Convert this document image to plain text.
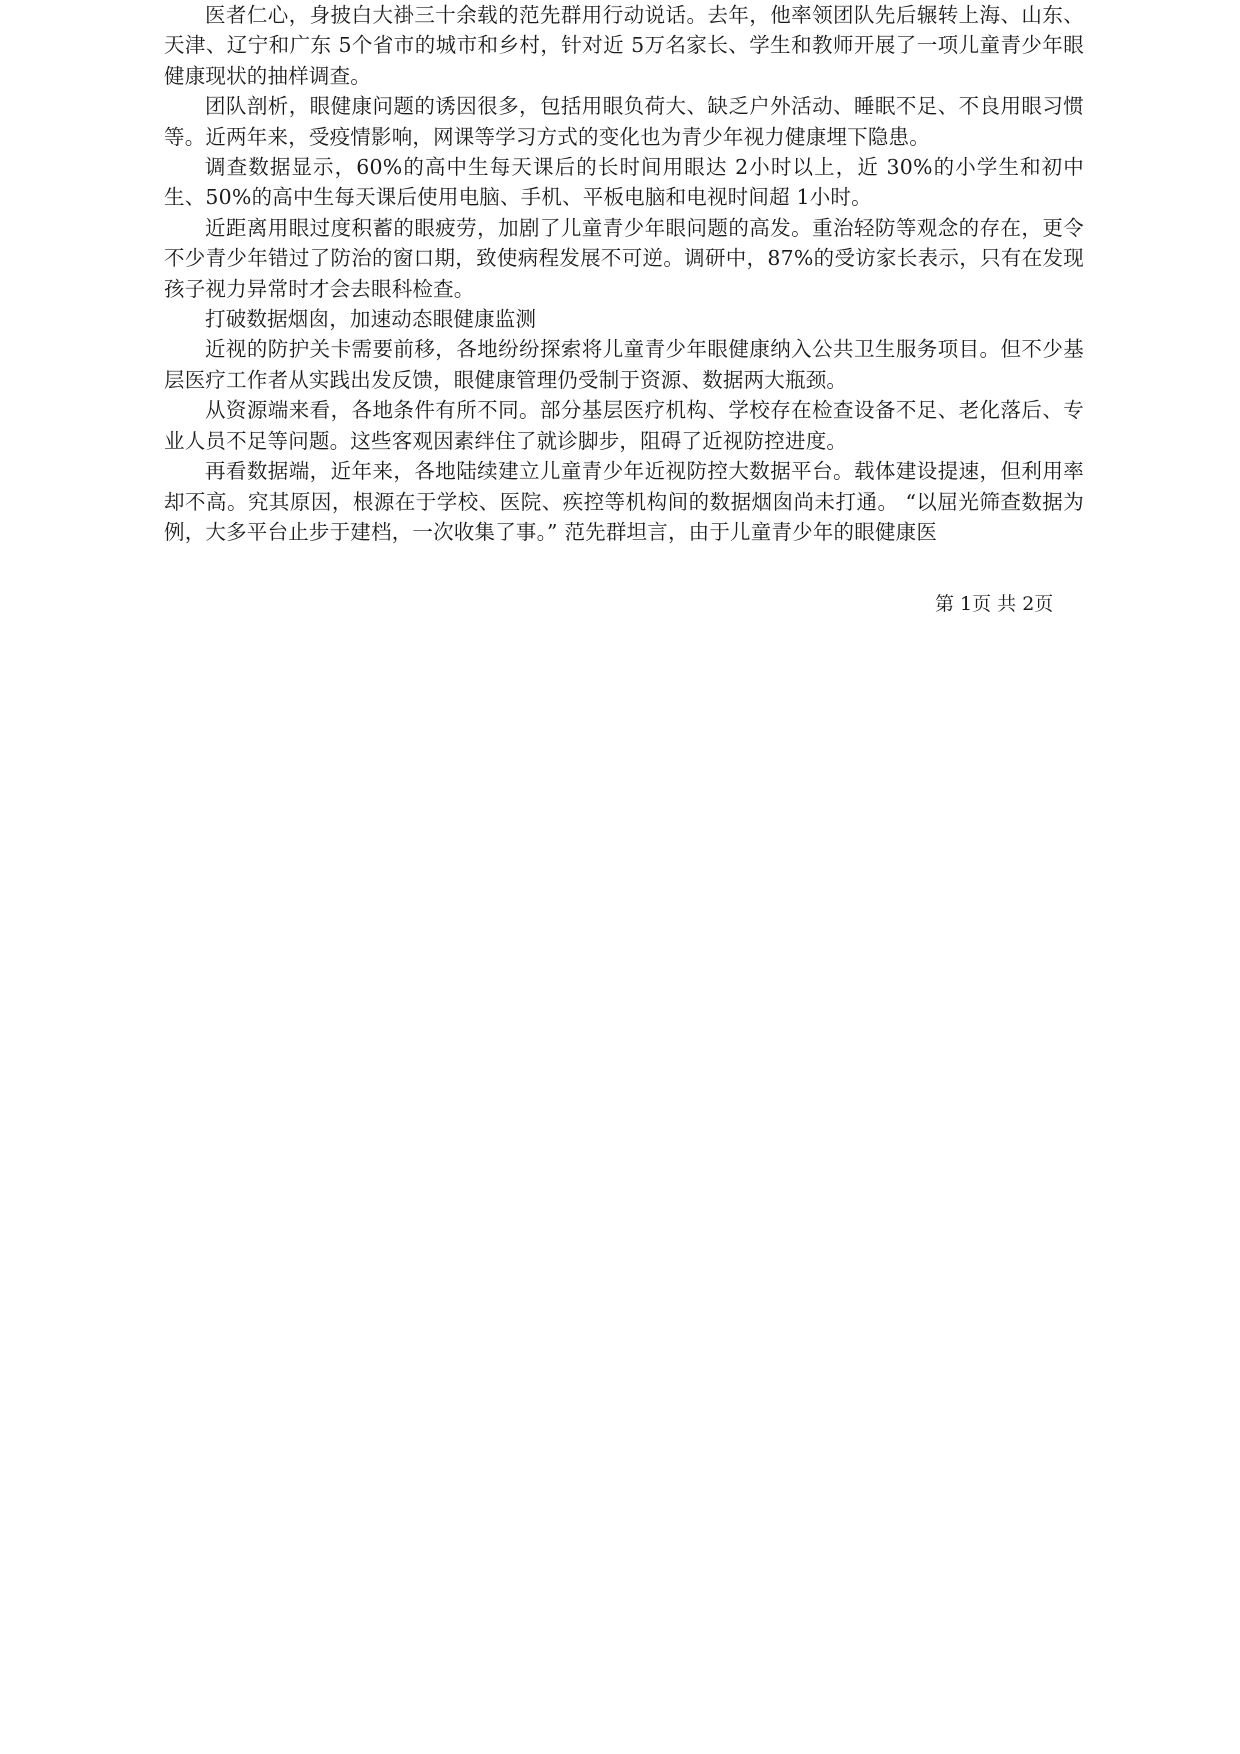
医者仁心，身披白大褂三十余载的范先群用行动说话。去年，他率领团队先后辗转上海、山东、天津、辽宁和广东 5个省市的城市和乡村，针对近 5万名家长、学生和教师开展了一项儿童青少年眼健康现状的抽样调查。

团队剖析，眼健康问题的诱因很多，包括用眼负荷大、缺乏户外活动、睡眠不足、不良用眼习惯等。近两年来，受疫情影响，网课等学习方式的变化也为青少年视力健康埋下隐患。

调查数据显示，60%的高中生每天课后的长时间用眼达 2小时以上，近 30%的小学生和初中生、50%的高中生每天课后使用电脑、手机、平板电脑和电视时间超 1小时。

近距离用眼过度积蓄的眼疲劳，加剧了儿童青少年眼问题的高发。重治轻防等观念的存在，更令不少青少年错过了防治的窗口期，致使病程发展不可逆。调研中，87%的受访家长表示，只有在发现孩子视力异常时才会去眼科检查。

打破数据烟囱，加速动态眼健康监测

近视的防护关卡需要前移，各地纷纷探索将儿童青少年眼健康纳入公共卫生服务项目。但不少基层医疗工作者从实践出发反馈，眼健康管理仍受制于资源、数据两大瓶颈。

从资源端来看，各地条件有所不同。部分基层医疗机构、学校存在检查设备不足、老化落后、专业人员不足等问题。这些客观因素绊住了就诊脚步，阻碍了近视防控进度。

再看数据端，近年来，各地陆续建立儿童青少年近视防控大数据平台。载体建设提速，但利用率却不高。究其原因，根源在于学校、医院、疾控等机构间的数据烟囱尚未打通。 “以屈光筛查数据为例，大多平台止步于建档，一次收集了事。” 范先群坦言，由于儿童青少年的眼健康医

第 1页 共 2页
